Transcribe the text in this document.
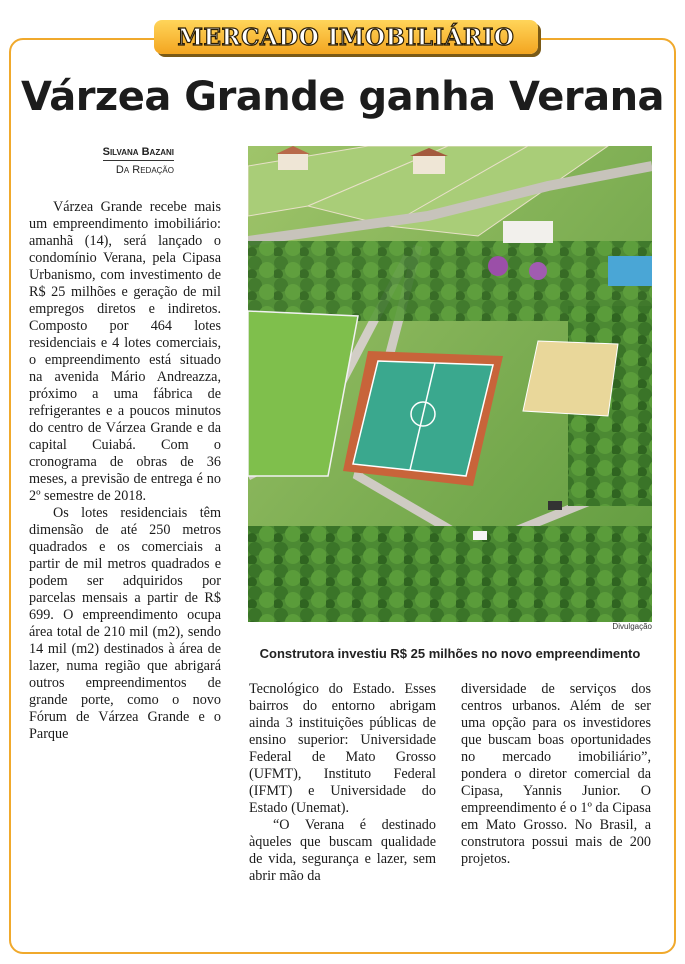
MERCADO IMOBILIÁRIO
Várzea Grande ganha Verana
Silvana Bazani
Da Redação

Várzea Grande recebe mais um empreendimento imobiliário: amanhã (14), será lançado o condomínio Verana, pela Cipasa Urbanismo, com investimento de R$ 25 milhões e geração de mil empregos diretos e indiretos. Composto por 464 lotes residenciais e 4 lotes comerciais, o empreendimento está situado na avenida Mário Andreazza, próximo a uma fábrica de refrigerantes e a poucos minutos do centro de Várzea Grande e da capital Cuiabá. Com o cronograma de obras de 36 meses, a previsão de entrega é no 2º semestre de 2018.

Os lotes residenciais têm dimensão de até 250 metros quadrados e os comerciais a partir de mil metros quadrados e podem ser adquiridos por parcelas mensais a partir de R$ 699. O empreendimento ocupa área total de 210 mil (m2), sendo 14 mil (m2) destinados à área de lazer, numa região que abrigará outros empreendimentos de grande porte, como o novo Fórum de Várzea Grande e o Parque

Divulgação
Construtora investiu R$ 25 milhões no novo empreendimento

Tecnológico do Estado. Esses bairros do entorno abrigam ainda 3 instituições públicas de ensino superior: Universidade Federal de Mato Grosso (UFMT), Instituto Federal (IFMT) e Universidade do Estado (Unemat).

“O Verana é destinado àqueles que buscam qualidade de vida, segurança e lazer, sem abrir mão da

diversidade de serviços dos centros urbanos. Além de ser uma opção para os investidores que buscam boas oportunidades no mercado imobiliário”, pondera o diretor comercial da Cipasa, Yannis Junior. O empreendimento é o 1º da Cipasa em Mato Grosso. No Brasil, a construtora possui mais de 200 projetos.
